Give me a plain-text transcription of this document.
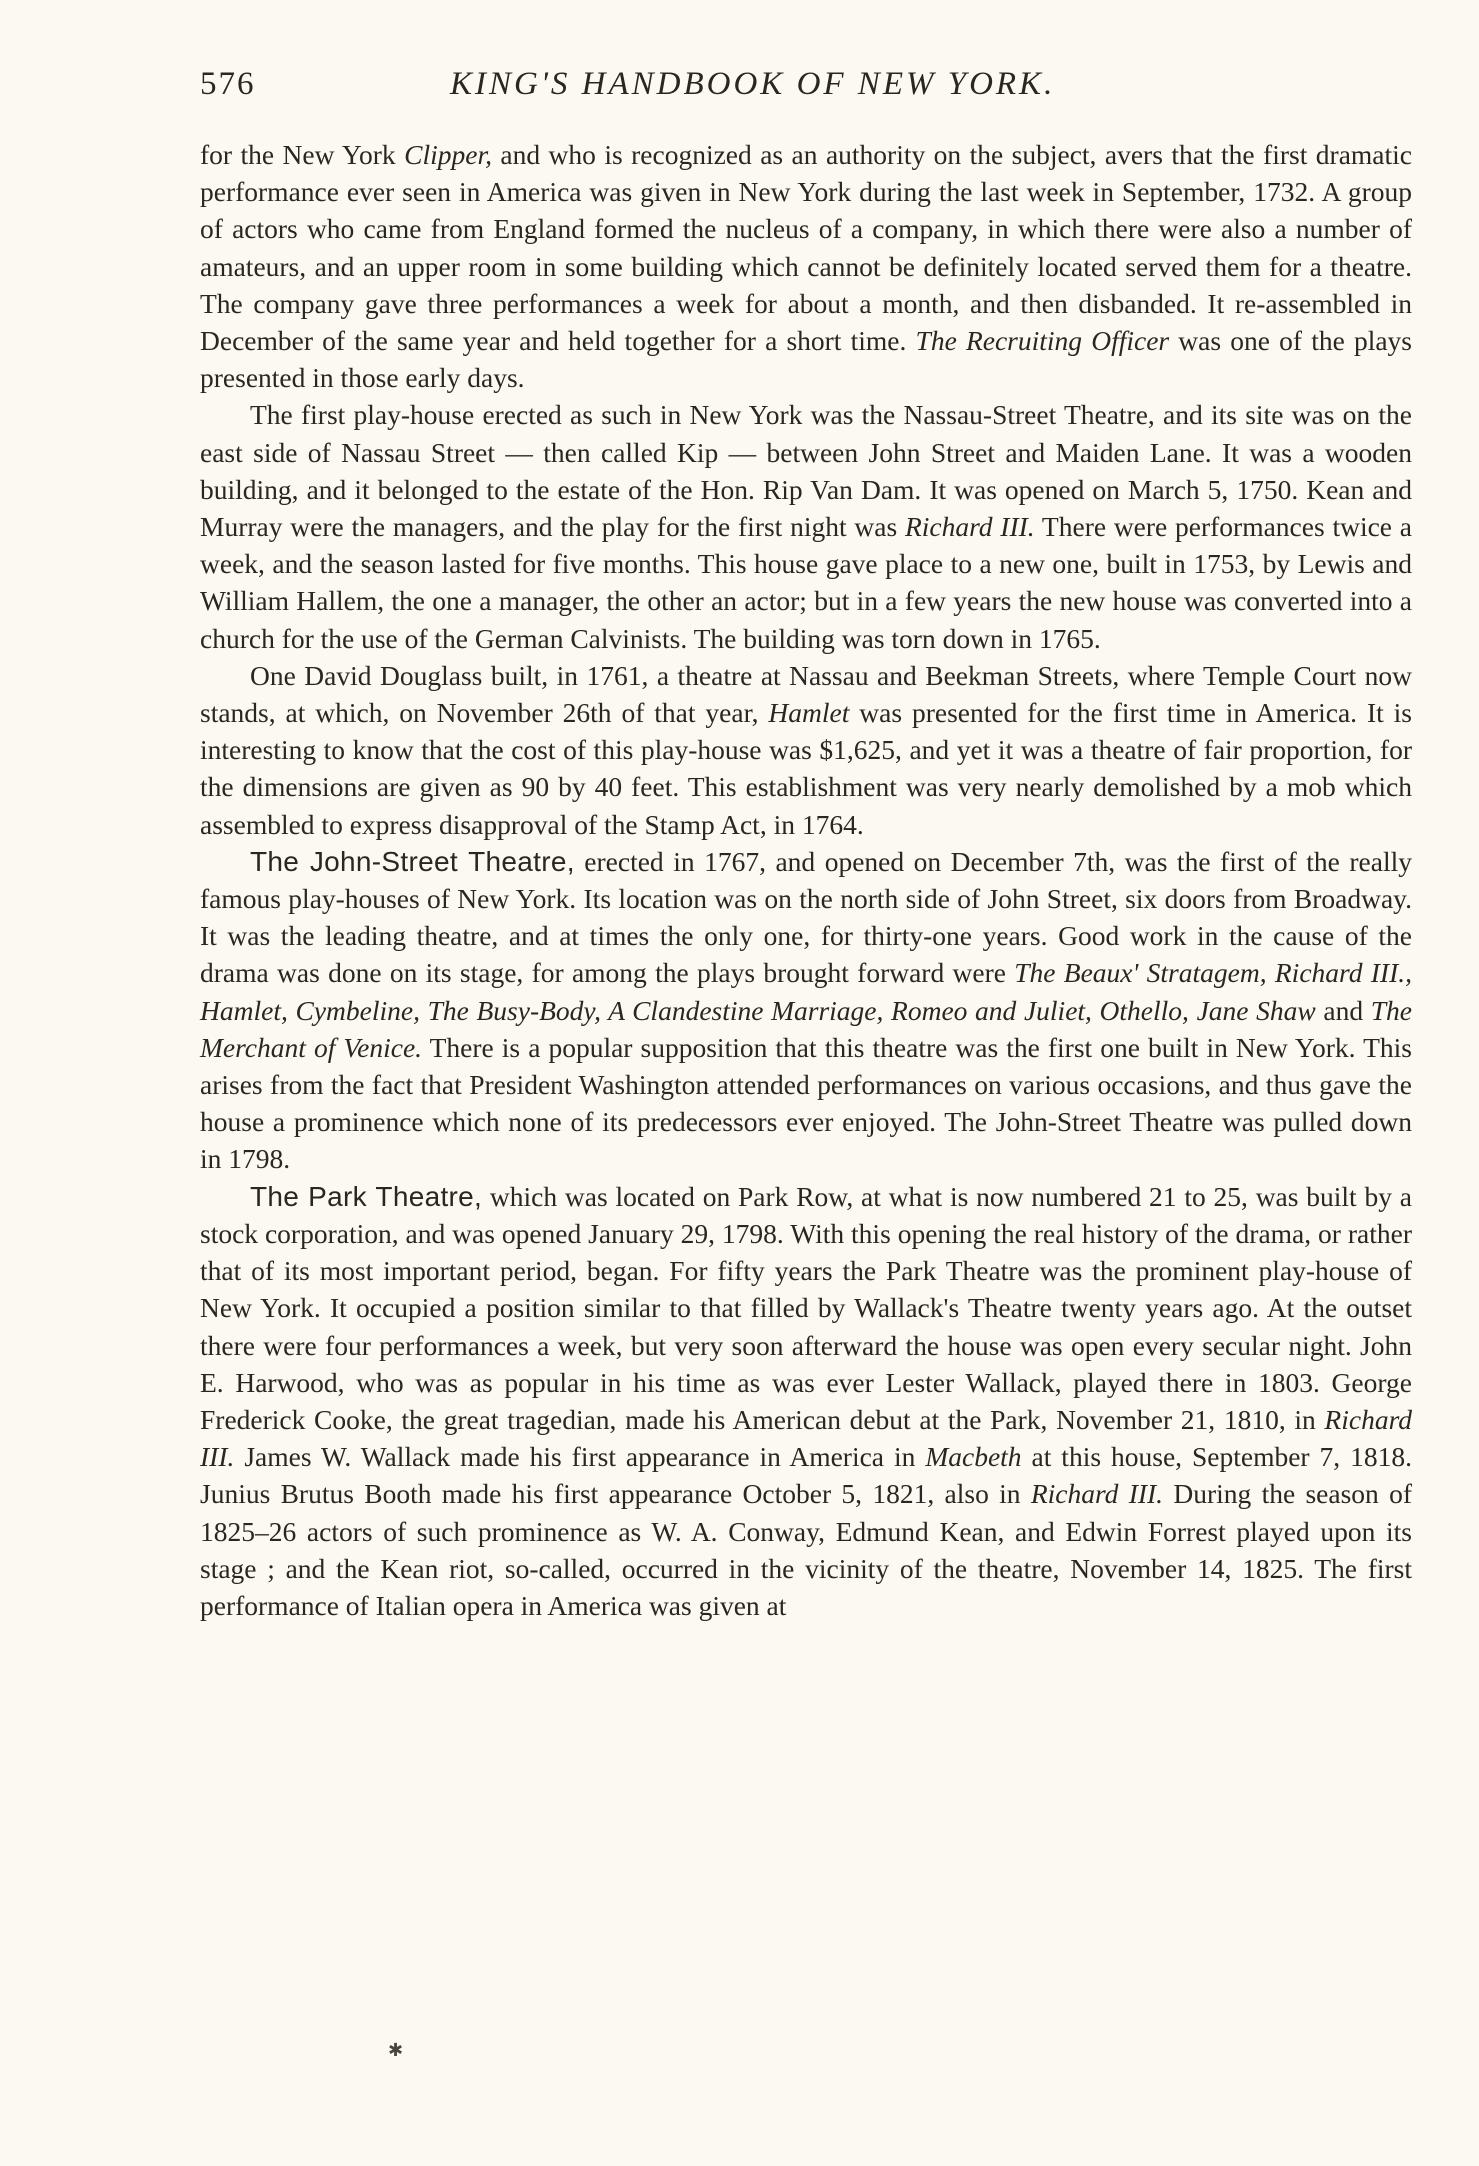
576	KING'S HANDBOOK OF NEW YORK.

for the New York Clipper, and who is recognized as an authority on the subject, avers that the first dramatic performance ever seen in America was given in New York during the last week in September, 1732. A group of actors who came from England formed the nucleus of a company, in which there were also a number of amateurs, and an upper room in some building which cannot be definitely located served them for a theatre. The company gave three performances a week for about a month, and then disbanded. It re-assembled in December of the same year and held together for a short time. The Recruiting Officer was one of the plays presented in those early days.

The first play-house erected as such in New York was the Nassau-Street Theatre, and its site was on the east side of Nassau Street — then called Kip — between John Street and Maiden Lane. It was a wooden building, and it belonged to the estate of the Hon. Rip Van Dam. It was opened on March 5, 1750. Kean and Murray were the managers, and the play for the first night was Richard III. There were performances twice a week, and the season lasted for five months. This house gave place to a new one, built in 1753, by Lewis and William Hallem, the one a manager, the other an actor; but in a few years the new house was converted into a church for the use of the German Calvinists. The building was torn down in 1765.

One David Douglass built, in 1761, a theatre at Nassau and Beekman Streets, where Temple Court now stands, at which, on November 26th of that year, Hamlet was presented for the first time in America. It is interesting to know that the cost of this play-house was $1,625, and yet it was a theatre of fair proportion, for the dimensions are given as 90 by 40 feet. This establishment was very nearly demolished by a mob which assembled to express disapproval of the Stamp Act, in 1764.

The John-Street Theatre, erected in 1767, and opened on December 7th, was the first of the really famous play-houses of New York. Its location was on the north side of John Street, six doors from Broadway. It was the leading theatre, and at times the only one, for thirty-one years. Good work in the cause of the drama was done on its stage, for among the plays brought forward were The Beaux' Stratagem, Richard III., Hamlet, Cymbeline, The Busy-Body, A Clandestine Marriage, Romeo and Juliet, Othello, Jane Shaw and The Merchant of Venice. There is a popular supposition that this theatre was the first one built in New York. This arises from the fact that President Washington attended performances on various occasions, and thus gave the house a prominence which none of its predecessors ever enjoyed. The John-Street Theatre was pulled down in 1798.

The Park Theatre, which was located on Park Row, at what is now numbered 21 to 25, was built by a stock corporation, and was opened January 29, 1798. With this opening the real history of the drama, or rather that of its most important period, began. For fifty years the Park Theatre was the prominent play-house of New York. It occupied a position similar to that filled by Wallack's Theatre twenty years ago. At the outset there were four performances a week, but very soon afterward the house was open every secular night. John E. Harwood, who was as popular in his time as was ever Lester Wallack, played there in 1803. George Frederick Cooke, the great tragedian, made his American debut at the Park, November 21, 1810, in Richard III. James W. Wallack made his first appearance in America in Macbeth at this house, September 7, 1818. Junius Brutus Booth made his first appearance October 5, 1821, also in Richard III. During the season of 1825–26 actors of such prominence as W. A. Conway, Edmund Kean, and Edwin Forrest played upon its stage ; and the Kean riot, so-called, occurred in the vicinity of the theatre, November 14, 1825. The first performance of Italian opera in America was given at

✱
